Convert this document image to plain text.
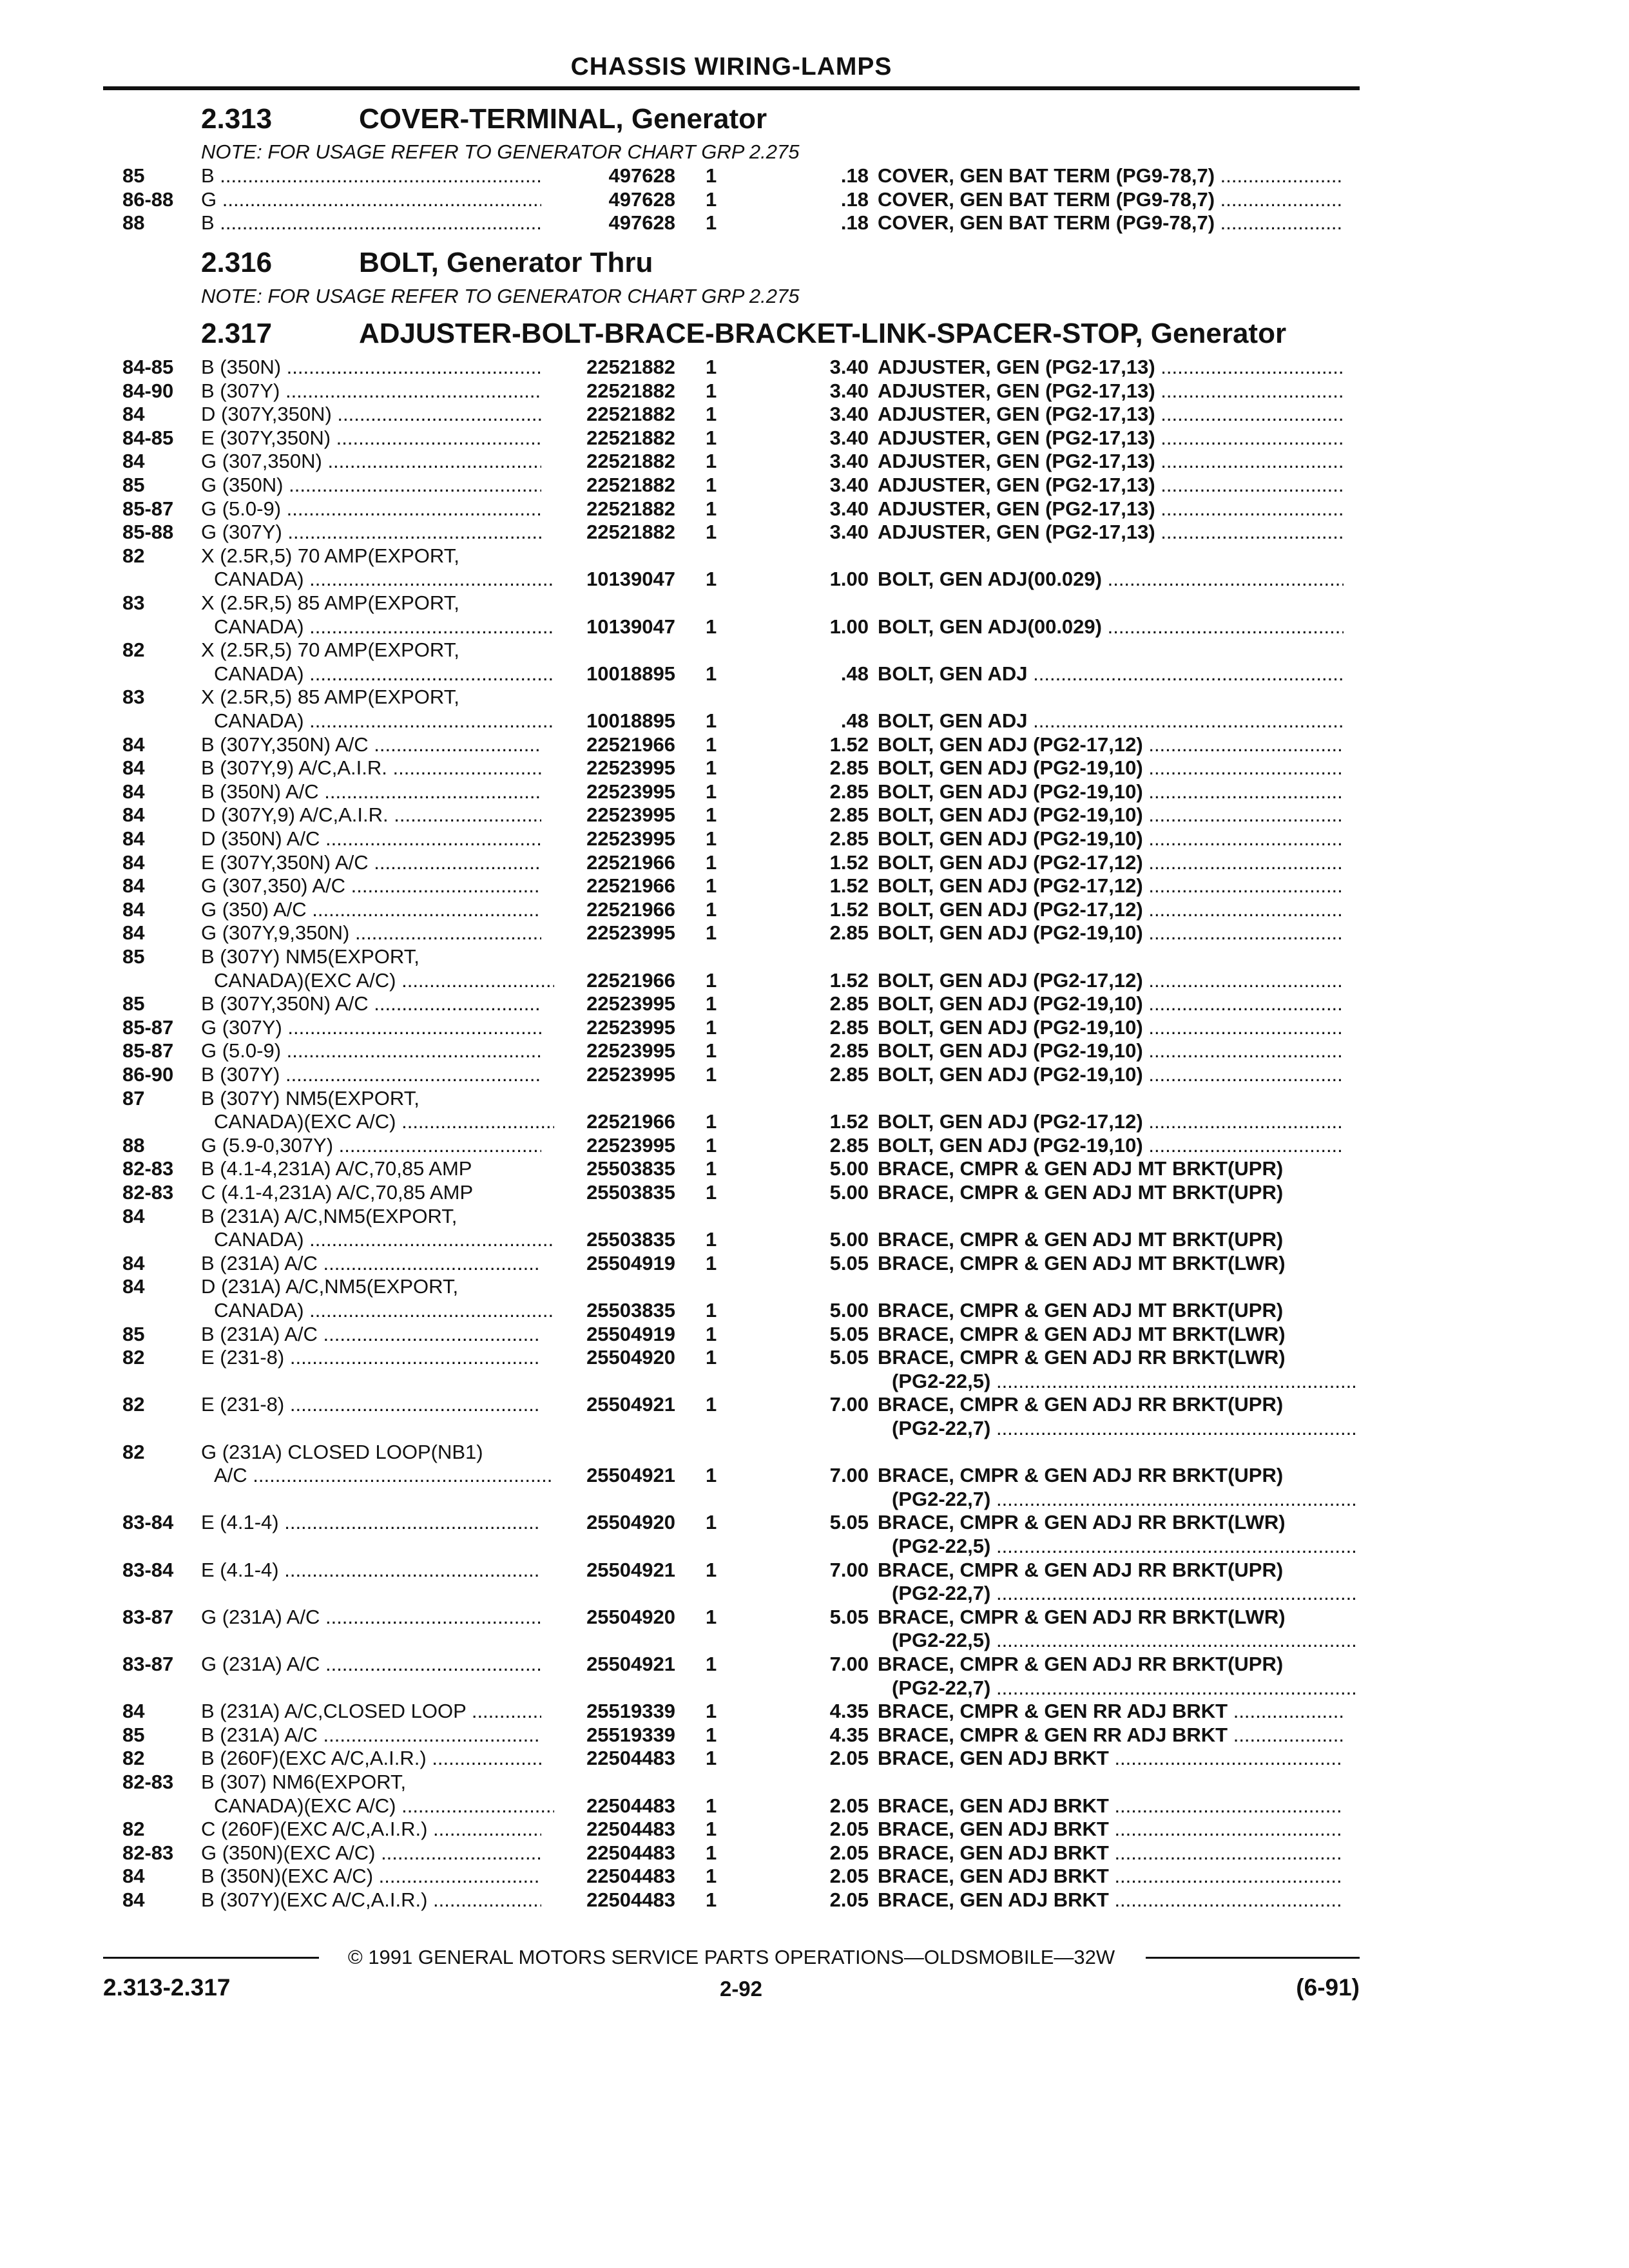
CHASSIS WIRING-LAMPS
2.313	COVER-TERMINAL, Generator
2.316	BOLT, Generator Thru
2.317	ADJUSTER-BOLT-BRACE-BRACKET-LINK-SPACER-STOP, Generator
NOTE: FOR USAGE REFER TO GENERATOR CHART GRP 2.275
NOTE: FOR USAGE REFER TO GENERATOR CHART GRP 2.275
85	B .....	497628 1	.18 COVER, GEN BAT TERM (PG9-78,7) .....
86-88 G .....	497628 1	.18 COVER, GEN BAT TERM (PG9-78,7) .....
88	B .....	497628 1	.18 COVER, GEN BAT TERM (PG9-78,7) .....
84-85 B (350N) .....	22521882 1	3.40 ADJUSTER, GEN (PG2-17,13) .....
84-90 B (307Y) .....	22521882 1	3.40 ADJUSTER, GEN (PG2-17,13) .....
84	D (307Y,350N) .....	22521882 1	3.40 ADJUSTER, GEN (PG2-17,13) .....
84-85 E (307Y,350N) .....	22521882 1	3.40 ADJUSTER, GEN (PG2-17,13) .....
84	G (307,350N) .....	22521882 1	3.40 ADJUSTER, GEN (PG2-17,13) .....
85	G (350N) .....	22521882 1	3.40 ADJUSTER, GEN (PG2-17,13) .....
85-87 G (5.0-9) .....	22521882 1	3.40 ADJUSTER, GEN (PG2-17,13) .....
85-88 G (307Y) .....	22521882 1	3.40 ADJUSTER, GEN (PG2-17,13) .....
82	X (2.5R,5) 70 AMP(EXPORT,
CANADA) .....	10139047 1	1.00 BOLT, GEN ADJ(00.029) .....
83	X (2.5R,5) 85 AMP(EXPORT,
CANADA) .....	10139047 1	1.00 BOLT, GEN ADJ(00.029) .....
82	X (2.5R,5) 70 AMP(EXPORT,
CANADA) .....	10018895 1	.48 BOLT, GEN ADJ .....
83	X (2.5R,5) 85 AMP(EXPORT,
CANADA) .....	10018895 1	.48 BOLT, GEN ADJ .....
84	B (307Y,350N) A/C .....	22521966 1	1.52 BOLT, GEN ADJ (PG2-17,12) .....
84	B (307Y,9) A/C,A.I.R. .....	22523995 1	2.85 BOLT, GEN ADJ (PG2-19,10) .....
84	B (350N) A/C .....	22523995 1	2.85 BOLT, GEN ADJ (PG2-19,10) .....
84	D (307Y,9) A/C,A.I.R. .....	22523995 1	2.85 BOLT, GEN ADJ (PG2-19,10) .....
84	D (350N) A/C .....	22523995 1	2.85 BOLT, GEN ADJ (PG2-19,10) .....
84	E (307Y,350N) A/C .....	22521966 1	1.52 BOLT, GEN ADJ (PG2-17,12) .....
84	G (307,350) A/C .....	22521966 1	1.52 BOLT, GEN ADJ (PG2-17,12) .....
84	G (350) A/C .....	22521966 1	1.52 BOLT, GEN ADJ (PG2-17,12) .....
84	G (307Y,9,350N) .....	22523995 1	2.85 BOLT, GEN ADJ (PG2-19,10) .....
85	B (307Y) NM5(EXPORT,
CANADA)(EXC A/C) .....	22521966 1	1.52 BOLT, GEN ADJ (PG2-17,12) .....
85	B (307Y,350N) A/C .....	22523995 1	2.85 BOLT, GEN ADJ (PG2-19,10) .....
85-87 G (307Y) .....	22523995 1	2.85 BOLT, GEN ADJ (PG2-19,10) .....
85-87 G (5.0-9) .....	22523995 1	2.85 BOLT, GEN ADJ (PG2-19,10) .....
86-90 B (307Y) .....	22523995 1	2.85 BOLT, GEN ADJ (PG2-19,10) .....
87	B (307Y) NM5(EXPORT,
CANADA)(EXC A/C) .....	22521966 1	1.52 BOLT, GEN ADJ (PG2-17,12) .....
88	G (5.9-0,307Y) .....	22523995 1	2.85 BOLT, GEN ADJ (PG2-19,10) .....
82-83 B (4.1-4,231A) A/C,70,85 AMP	25503835 1	5.00 BRACE, CMPR & GEN ADJ MT BRKT(UPR)
82-83 C (4.1-4,231A) A/C,70,85 AMP	25503835 1	5.00 BRACE, CMPR & GEN ADJ MT BRKT(UPR)
84	B (231A) A/C,NM5(EXPORT,
CANADA) .....	25503835 1	5.00 BRACE, CMPR & GEN ADJ MT BRKT(UPR)
84	B (231A) A/C .....	25504919 1	5.05 BRACE, CMPR & GEN ADJ MT BRKT(LWR)
84	D (231A) A/C,NM5(EXPORT,
CANADA) .....	25503835 1	5.00 BRACE, CMPR & GEN ADJ MT BRKT(UPR)
85	B (231A) A/C .....	25504919 1	5.05 BRACE, CMPR & GEN ADJ MT BRKT(LWR)
82	E (231-8) .....	25504920 1	5.05 BRACE, CMPR & GEN ADJ RR BRKT(LWR)
(PG2-22,5) .....
82	E (231-8) .....	25504921 1	7.00 BRACE, CMPR & GEN ADJ RR BRKT(UPR)
(PG2-22,7) .....
82	G (231A) CLOSED LOOP(NB1)
A/C .....	25504921 1	7.00 BRACE, CMPR & GEN ADJ RR BRKT(UPR)
(PG2-22,7) .....
83-84 E (4.1-4) .....	25504920 1	5.05 BRACE, CMPR & GEN ADJ RR BRKT(LWR)
(PG2-22,5) .....
83-84 E (4.1-4) .....	25504921 1	7.00 BRACE, CMPR & GEN ADJ RR BRKT(UPR)
(PG2-22,7) .....
83-87 G (231A) A/C .....	25504920 1	5.05 BRACE, CMPR & GEN ADJ RR BRKT(LWR)
(PG2-22,5) .....
83-87 G (231A) A/C .....	25504921 1	7.00 BRACE, CMPR & GEN ADJ RR BRKT(UPR)
(PG2-22,7) .....
84	B (231A) A/C,CLOSED LOOP .....	25519339 1	4.35 BRACE, CMPR & GEN RR ADJ BRKT .....
85	B (231A) A/C .....	25519339 1	4.35 BRACE, CMPR & GEN RR ADJ BRKT .....
82	B (260F)(EXC A/C,A.I.R.) .....	22504483 1	2.05 BRACE, GEN ADJ BRKT .....
82-83 B (307) NM6(EXPORT,
CANADA)(EXC A/C) .....	22504483 1	2.05 BRACE, GEN ADJ BRKT .....
82	C (260F)(EXC A/C,A.I.R.) .....	22504483 1	2.05 BRACE, GEN ADJ BRKT .....
82-83 G (350N)(EXC A/C) .....	22504483 1	2.05 BRACE, GEN ADJ BRKT .....
84	B (350N)(EXC A/C) .....	22504483 1	2.05 BRACE, GEN ADJ BRKT .....
84	B (307Y)(EXC A/C,A.I.R.) .....	22504483 1	2.05 BRACE, GEN ADJ BRKT .....
© 1991 GENERAL MOTORS SERVICE PARTS OPERATIONS—OLDSMOBILE—32W
2.313-2.317	2-92	(6-91)
